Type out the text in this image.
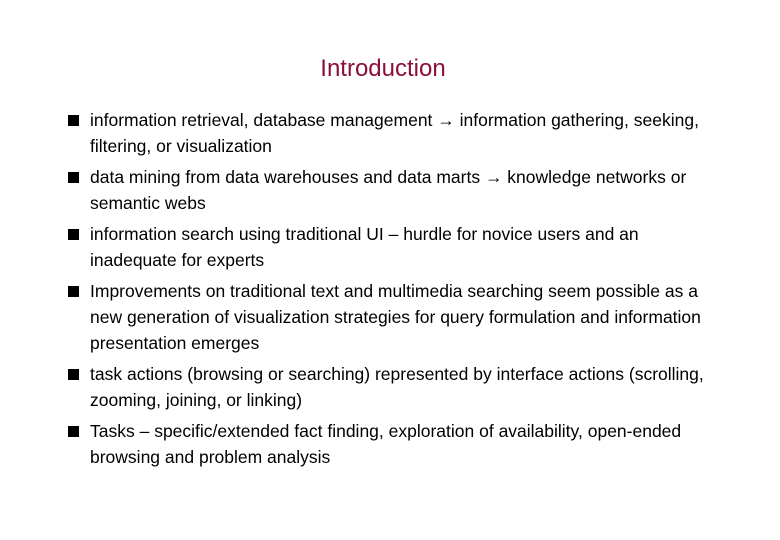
Introduction
information retrieval, database management → information gathering, seeking, filtering, or visualization
data mining from data warehouses and data marts → knowledge networks or semantic webs
information search using traditional UI – hurdle for novice users and an inadequate for experts
Improvements on traditional text and multimedia searching seem possible as a new generation of visualization strategies for query formulation and information presentation emerges
task actions (browsing or searching) represented by interface actions (scrolling, zooming, joining, or linking)
Tasks – specific/extended fact finding, exploration of availability, open-ended browsing and problem analysis
